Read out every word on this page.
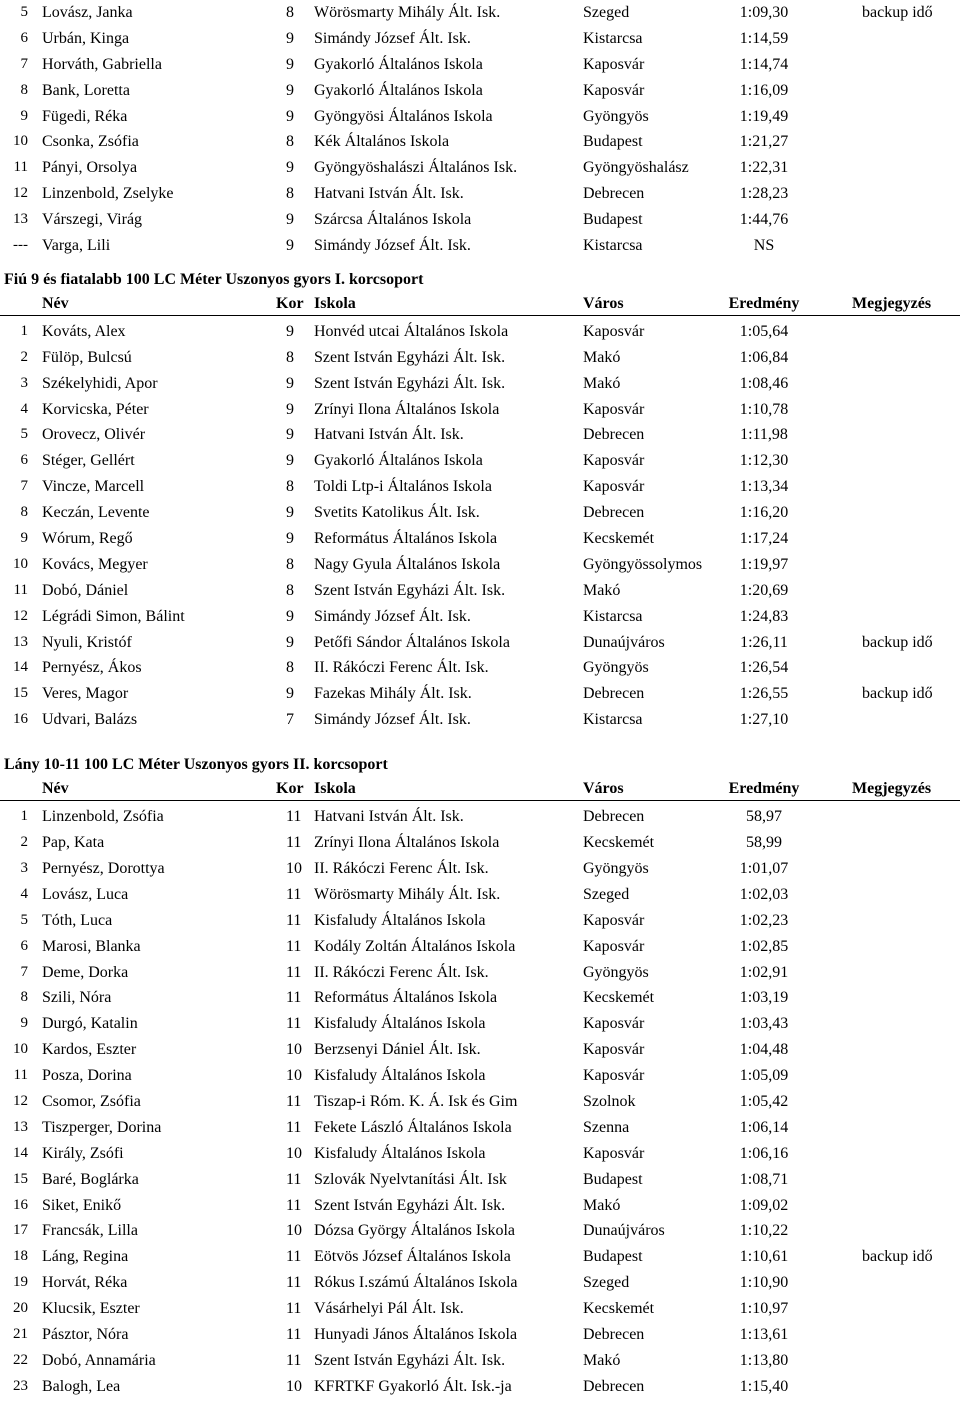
5 Lovász, Janka	8 Wörösmarty Mihály Ált. Isk.	Szeged	1:09,30	backup idő
6 Urbán, Kinga	9 Simándy József Ált. Isk.	Kistarcsa	1:14,59
7 Horváth, Gabriella	9 Gyakorló Általános Iskola	Kaposvár	1:14,74
8 Bank, Loretta	9 Gyakorló Általános Iskola	Kaposvár	1:16,09
9 Fügedi, Réka	9 Gyöngyösi Általános Iskola	Gyöngyös	1:19,49
10 Csonka, Zsófia	8 Kék Általános Iskola	Budapest	1:21,27
11 Pányi, Orsolya	9 Gyöngyöshalászi Általános Isk.	Gyöngyöshalász	1:22,31
12 Linzenbold, Zselyke	8 Hatvani István Ált. Isk.	Debrecen	1:28,23
13 Várszegi, Virág	9 Szárcsa Általános Iskola	Budapest	1:44,76
--- Varga, Lili	9 Simándy József Ált. Isk.	Kistarcsa	NS
Fiú 9 és fiatalabb 100 LC Méter Uszonyos gyors I. korcsoport
Név	Kor Iskola	Város	Eredmény	Megjegyzés
1 Kováts, Alex	9 Honvéd utcai Általános Iskola	Kaposvár	1:05,64
2 Fülöp, Bulcsú	8 Szent István Egyházi Ált. Isk.	Makó	1:06,84
3 Székelyhidi, Apor	9 Szent István Egyházi Ált. Isk.	Makó	1:08,46
4 Korvicska, Péter	9 Zrínyi Ilona Általános Iskola	Kaposvár	1:10,78
5 Orovecz, Olivér	9 Hatvani István Ált. Isk.	Debrecen	1:11,98
6 Stéger, Gellért	9 Gyakorló Általános Iskola	Kaposvár	1:12,30
7 Vincze, Marcell	8 Toldi Ltp-i Általános Iskola	Kaposvár	1:13,34
8 Keczán, Levente	9 Svetits Katolikus Ált. Isk.	Debrecen	1:16,20
9 Wórum, Regő	9 Református Általános Iskola	Kecskemét	1:17,24
10 Kovács, Megyer	8 Nagy Gyula Általános Iskola	Gyöngyössolymos	1:19,97
11 Dobó, Dániel	8 Szent István Egyházi Ált. Isk.	Makó	1:20,69
12 Légrádi Simon, Bálint	9 Simándy József Ált. Isk.	Kistarcsa	1:24,83
13 Nyuli, Kristóf	9 Petőfi Sándor Általános Iskola	Dunaújváros	1:26,11	backup idő
14 Pernyész, Ákos	8 II. Rákóczi Ferenc Ált. Isk.	Gyöngyös	1:26,54
15 Veres, Magor	9 Fazekas Mihály Ált. Isk.	Debrecen	1:26,55	backup idő
16 Udvari, Balázs	7 Simándy József Ált. Isk.	Kistarcsa	1:27,10
Lány 10-11 100 LC Méter Uszonyos gyors II. korcsoport
Név	Kor Iskola	Város	Eredmény	Megjegyzés
1 Linzenbold, Zsófia	11 Hatvani István Ált. Isk.	Debrecen	58,97
2 Pap, Kata	11 Zrínyi Ilona Általános Iskola	Kecskemét	58,99
3 Pernyész, Dorottya	10 II. Rákóczi Ferenc Ált. Isk.	Gyöngyös	1:01,07
4 Lovász, Luca	11 Wörösmarty Mihály Ált. Isk.	Szeged	1:02,03
5 Tóth, Luca	11 Kisfaludy Általános Iskola	Kaposvár	1:02,23
6 Marosi, Blanka	11 Kodály Zoltán Általános Iskola	Kaposvár	1:02,85
7 Deme, Dorka	11 II. Rákóczi Ferenc Ált. Isk.	Gyöngyös	1:02,91
8 Szili, Nóra	11 Református Általános Iskola	Kecskemét	1:03,19
9 Durgó, Katalin	11 Kisfaludy Általános Iskola	Kaposvár	1:03,43
10 Kardos, Eszter	10 Berzsenyi Dániel Ált. Isk.	Kaposvár	1:04,48
11 Posza, Dorina	10 Kisfaludy Általános Iskola	Kaposvár	1:05,09
12 Csomor, Zsófia	11 Tiszap-i Róm. K. Á. Isk és Gim	Szolnok	1:05,42
13 Tiszperger, Dorina	11 Fekete László Általános Iskola	Szenna	1:06,14
14 Király, Zsófi	10 Kisfaludy Általános Iskola	Kaposvár	1:06,16
15 Baré, Boglárka	11 Szlovák Nyelvtanítási Ált. Isk	Budapest	1:08,71
16 Siket, Enikő	11 Szent István Egyházi Ált. Isk.	Makó	1:09,02
17 Francsák, Lilla	10 Dózsa György Általános Iskola	Dunaújváros	1:10,22
18 Láng, Regina	11 Eötvös József Általános Iskola	Budapest	1:10,61	backup idő
19 Horvát, Réka	11 Rókus I.számú Általános Iskola	Szeged	1:10,90
20 Klucsik, Eszter	11 Vásárhelyi Pál Ált. Isk.	Kecskemét	1:10,97
21 Pásztor, Nóra	11 Hunyadi János Általános Iskola	Debrecen	1:13,61
22 Dobó, Annamária	11 Szent István Egyházi Ált. Isk.	Makó	1:13,80
23 Balogh, Lea	10 KFRTKF Gyakorló Ált. Isk.-ja	Debrecen	1:15,40
